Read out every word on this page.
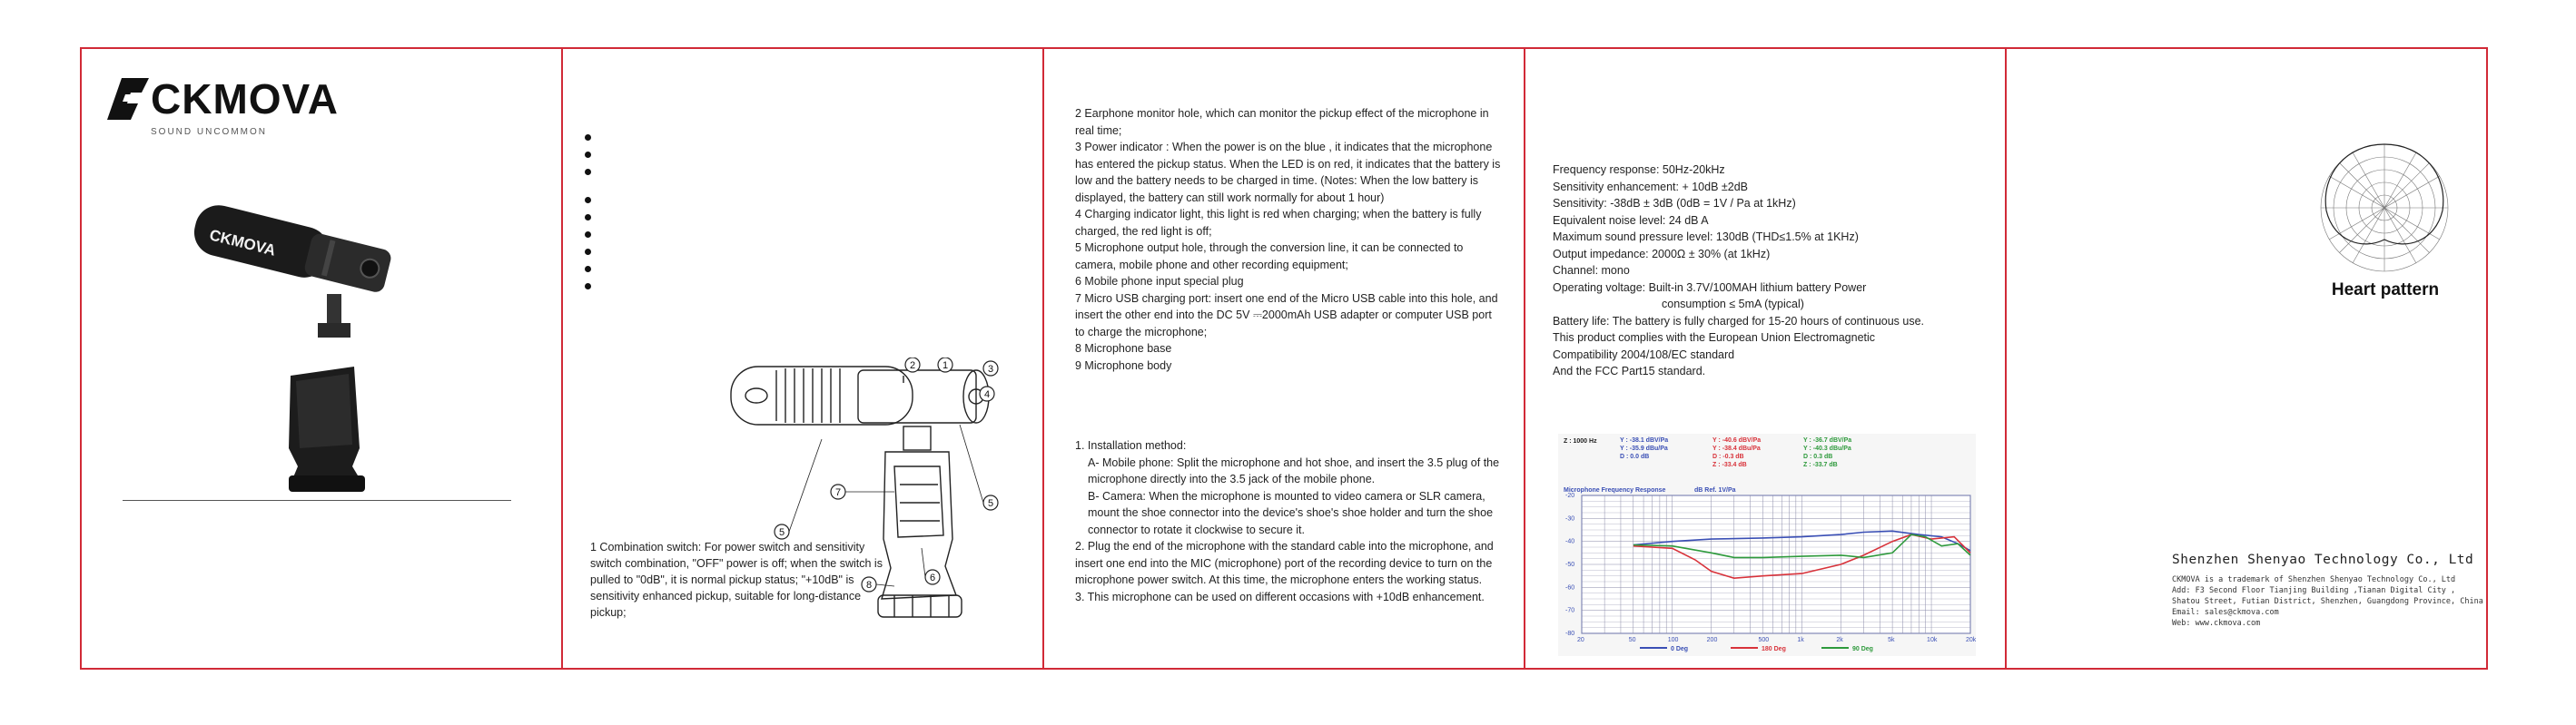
CKMOVA
SOUND UNCOMMON
CKMOVA
2	1	3
4
5
6
7
8
5

1 Combination switch: For power switch and sensitivity switch combination, "OFF" power is off; when the switch is pulled to "0dB", it is normal pickup status; "+10dB" is sensitivity enhanced pickup, suitable for long-distance pickup;

2 Earphone monitor hole, which can monitor the pickup effect of the microphone in real time;

3 Power indicator : When the power is on the blue , it indicates that the microphone has entered the pickup status. When the LED is on red, it indicates that the battery is low and the battery needs to be charged in time. (Notes: When the low battery is displayed, the battery can still work normally for about 1 hour)

4 Charging indicator light, this light is red when charging; when the battery is fully charged, the red light is off;

5 Microphone output hole, through the conversion line, it can be connected to camera, mobile phone and other recording equipment;

6 Mobile phone input special plug

7 Micro USB charging port: insert one end of the Micro USB cable into this hole, and insert the other end into the DC 5V ⎓2000mAh USB adapter or computer USB port to charge the microphone;

8 Microphone base

9 Microphone body

1. Installation method:

A- Mobile phone: Split the microphone and hot shoe, and insert the 3.5 plug of the microphone directly into the 3.5 jack of the mobile phone.

B- Camera: When the microphone is mounted to video camera or SLR camera, mount the shoe connector into the device's shoe's shoe holder and turn the shoe connector to rotate it clockwise to secure it.

2. Plug the end of the microphone with the standard cable into the microphone, and insert one end into the MIC (microphone) port of the recording device to turn on the microphone power switch. At this time, the microphone enters the working status.

3. This microphone can be used on different occasions with +10dB enhancement.

Frequency response: 50Hz-20kHz

Sensitivity enhancement: + 10dB ±2dB

Sensitivity: -38dB ± 3dB (0dB = 1V / Pa at 1kHz)

Equivalent noise level: 24 dB A

Maximum sound pressure level: 130dB (THD≤1.5% at 1KHz)

Output impedance: 2000Ω ± 30% (at 1kHz)

Channel: mono

Operating voltage: Built-in 3.7V/100MAH lithium battery Power

consumption ≤ 5mA (typical)

Battery life: The battery is fully charged for 15-20 hours of continuous use.

This product complies with the European Union Electromagnetic

Compatibility 2004/108/EC standard

And the FCC Part15 standard.

Z : 1000 Hz	Y : -38.1 dBV/Pa
Y : -35.9 dBu/Pa
D : 0.0 dB
Y : -40.6 dBV/Pa
Y : -38.4 dBu/Pa
D : -0.3 dB
Z : -33.4 dB
Y : -36.7 dBV/Pa
Y : -40.3 dBu/Pa
D : 0.3 dB
Z : -33.7 dB
Microphone Frequency Response	dB Ref. 1V/Pa
-20
-30
-40
-50
-60
-70
-80
20	50	100	200	500	1k	2k	5k	10k	20k
0 Deg	180 Deg	90 Deg
Heart pattern
Shenzhen Shenyao Technology Co., Ltd
CKMOVA is a trademark of Shenzhen Shenyao Technology Co., Ltd
Add: F3 Second Floor Tianjing Building ,Tianan Digital City ,
Shatou Street, Futian District, Shenzhen, Guangdong Province, China
Email: sales@ckmova.com
Web: www.ckmova.com
